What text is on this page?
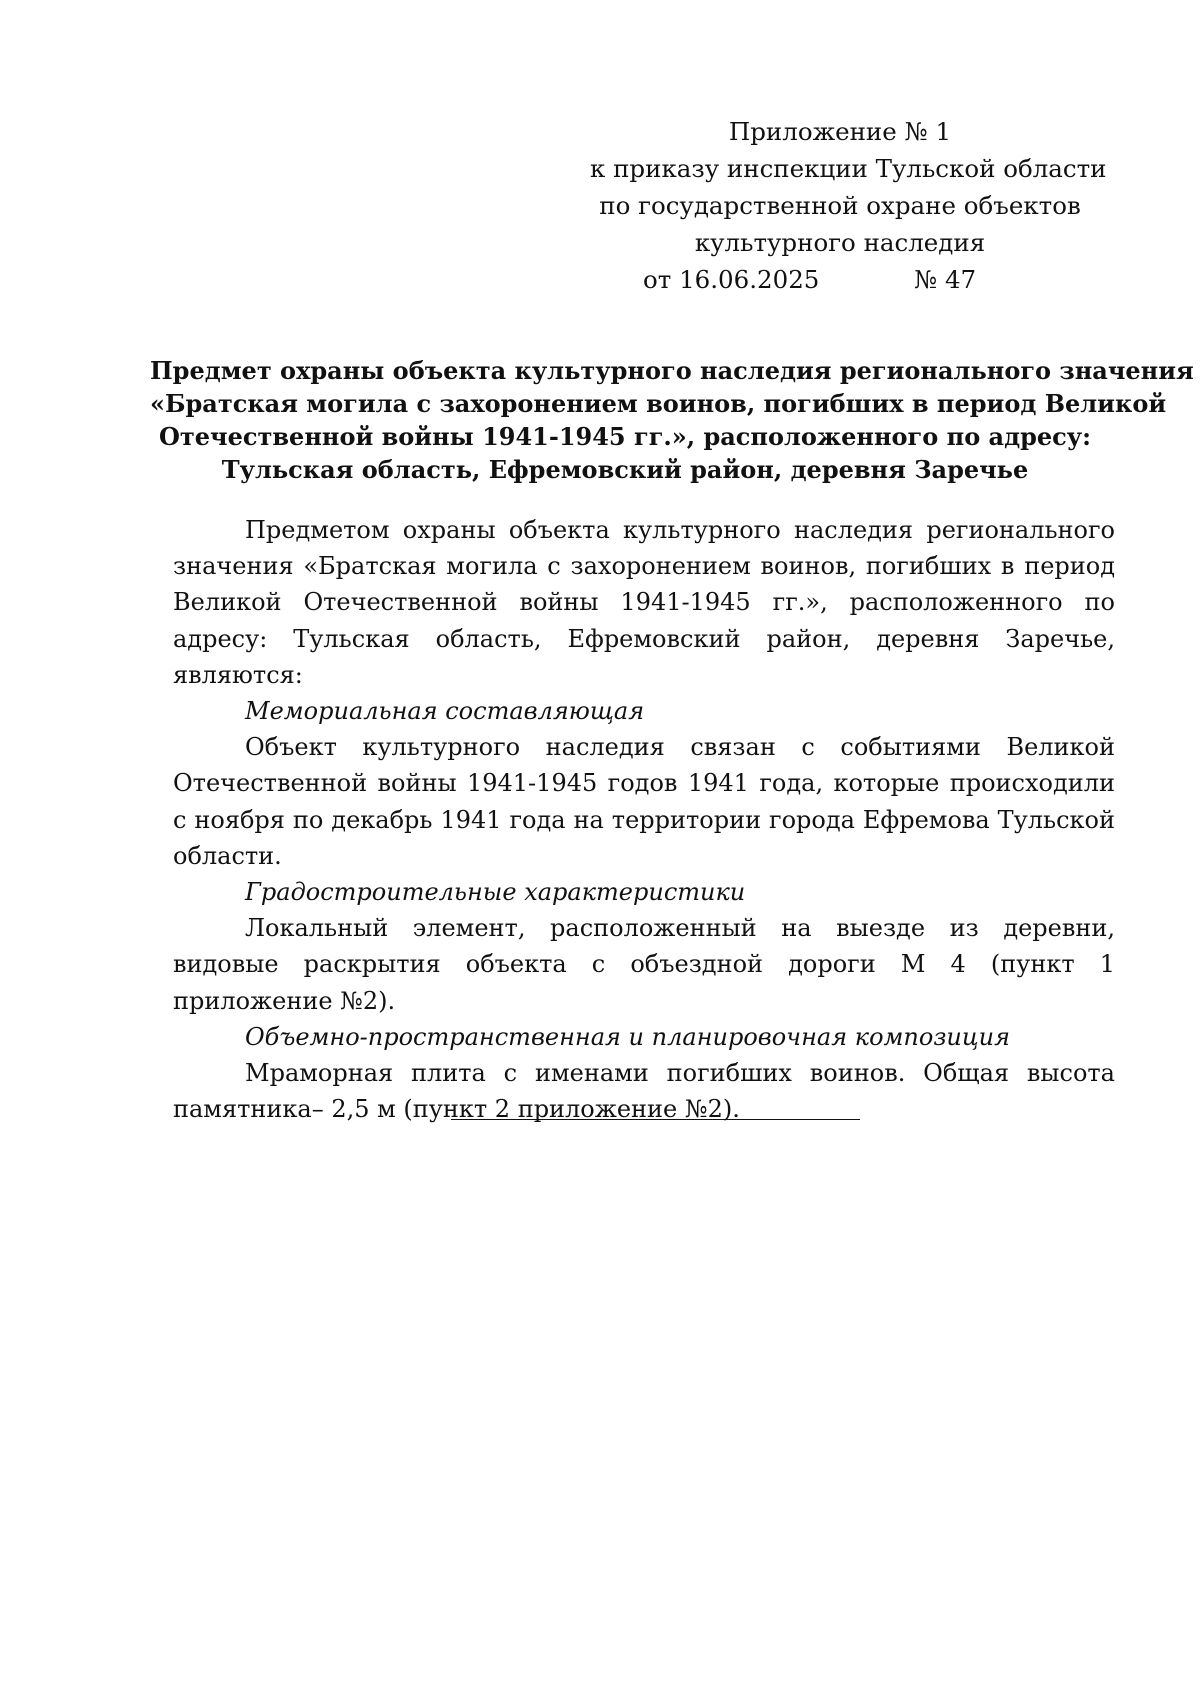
Приложение № 1
к приказу инспекции Тульской области
по государственной охране объектов
культурного наследия
от 16.06.2025	№ 47
Предмет охраны объекта культурного наследия регионального значения
«Братская могила с захоронением воинов, погибших в период Великой
Отечественной войны 1941-1945 гг.», расположенного по адресу:
Тульская область, Ефремовский район, деревня Заречье

Предметом охраны объекта культурного наследия регионального значения «Братская могила с захоронением воинов, погибших в период Великой Отечественной войны 1941-1945 гг.», расположенного по адресу: Тульская область, Ефремовский район, деревня Заречье, являются:

Мемориальная составляющая

Объект культурного наследия связан с событиями Великой Отечественной войны 1941-1945 годов 1941 года, которые происходили с ноября по декабрь 1941 года на территории города Ефремова Тульской области.

Градостроительные характеристики

Локальный элемент, расположенный на выезде из деревни, видовые раскрытия объекта с объездной дороги М 4 (пункт 1 приложение №2).

Объемно-пространственная и планировочная композиция

Мраморная плита с именами погибших воинов. Общая высота памятника– 2,5 м (пункт 2 приложение №2).
